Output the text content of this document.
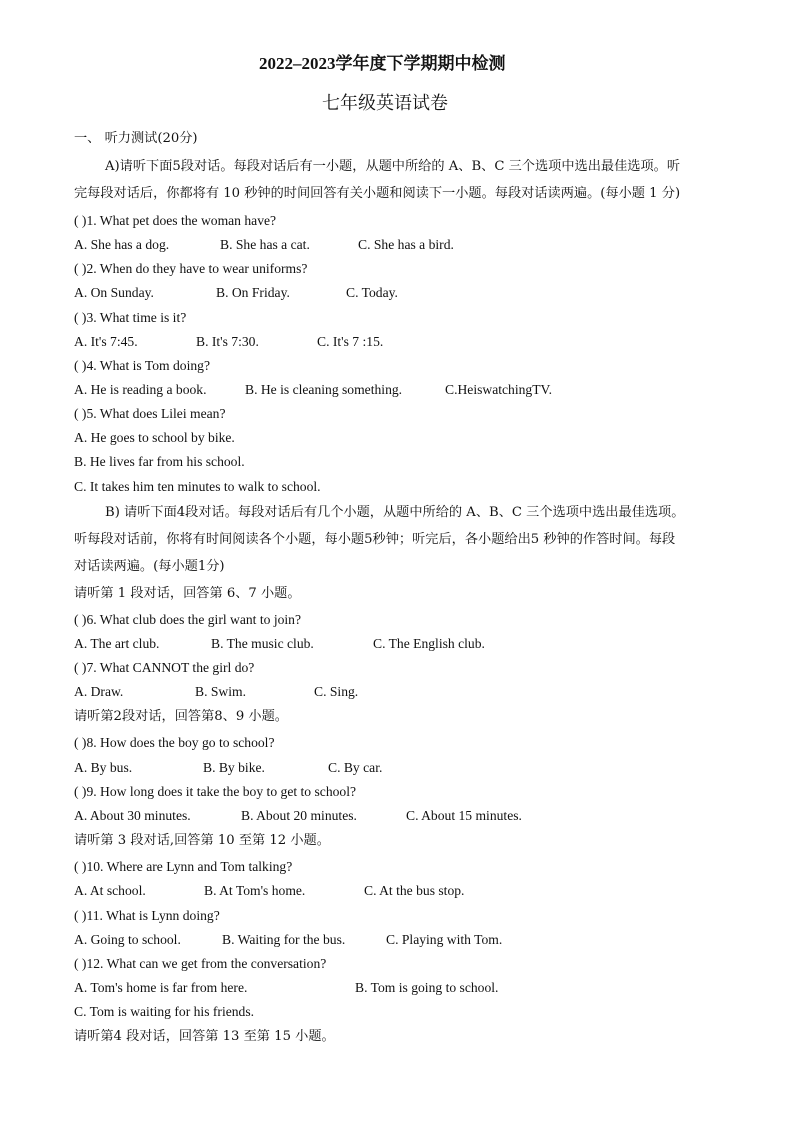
2022–2023学年度下学期期中检测
七年级英语试卷
一、 听力测试(20分)
A)请听下面5段对话。每段对话后有一小题，从题中所给的 A、B、C 三个选项中选出最佳选项。听
完每段对话后，你都将有 10 秒钟的时间回答有关小题和阅读下一小题。每段对话读两遍。(每小题 1 分)
( )1. What pet does the woman have?
A. She has a dog.	B. She has a cat.	C. She has a bird.
( )2. When do they have to wear uniforms?
A. On Sunday.	B. On Friday.	C. Today.
( )3. What time is it?
A. It's 7:45.	B. It's 7:30.	C. It's 7 :15.
( )4. What is Tom doing?
A. He is reading a book.	B. He is cleaning something.	C.HeiswatchingTV.
( )5. What does Lilei mean?
A. He goes to school by bike.
B. He lives far from his school.
C. It takes him ten minutes to walk to school.
B) 请听下面4段对话。每段对话后有几个小题，从题中所给的 A、B、C 三个选项中选出最佳选项。
听每段对话前，你将有时间阅读各个小题，每小题5秒钟；听完后，各小题给出5 秒钟的作答时间。每段
对话读两遍。(每小题1分)
请听第 1 段对话，回答第 6、7 小题。
( )6. What club does the girl want to join?
A. The art club.	B. The music club.	C. The English club.
( )7. What CANNOT the girl do?
A. Draw.	B. Swim.	C. Sing.
请听第2段对话，回答第8、9 小题。
( )8. How does the boy go to school?
A. By bus.	B. By bike.	C. By car.
( )9. How long does it take the boy to get to school?
A. About 30 minutes.	B. About 20 minutes.	C. About 15 minutes.
请听第 3 段对话,回答第 10 至第 12 小题。
( )10. Where are Lynn and Tom talking?
A. At school.	B. At Tom's home.	C. At the bus stop.
( )11. What is Lynn doing?
A. Going to school.	B. Waiting for the bus.	C. Playing with Tom.
( )12. What can we get from the conversation?
A. Tom's home is far from here.	B. Tom is going to school.
C. Tom is waiting for his friends.
请听第4 段对话，回答第 13 至第 15 小题。
